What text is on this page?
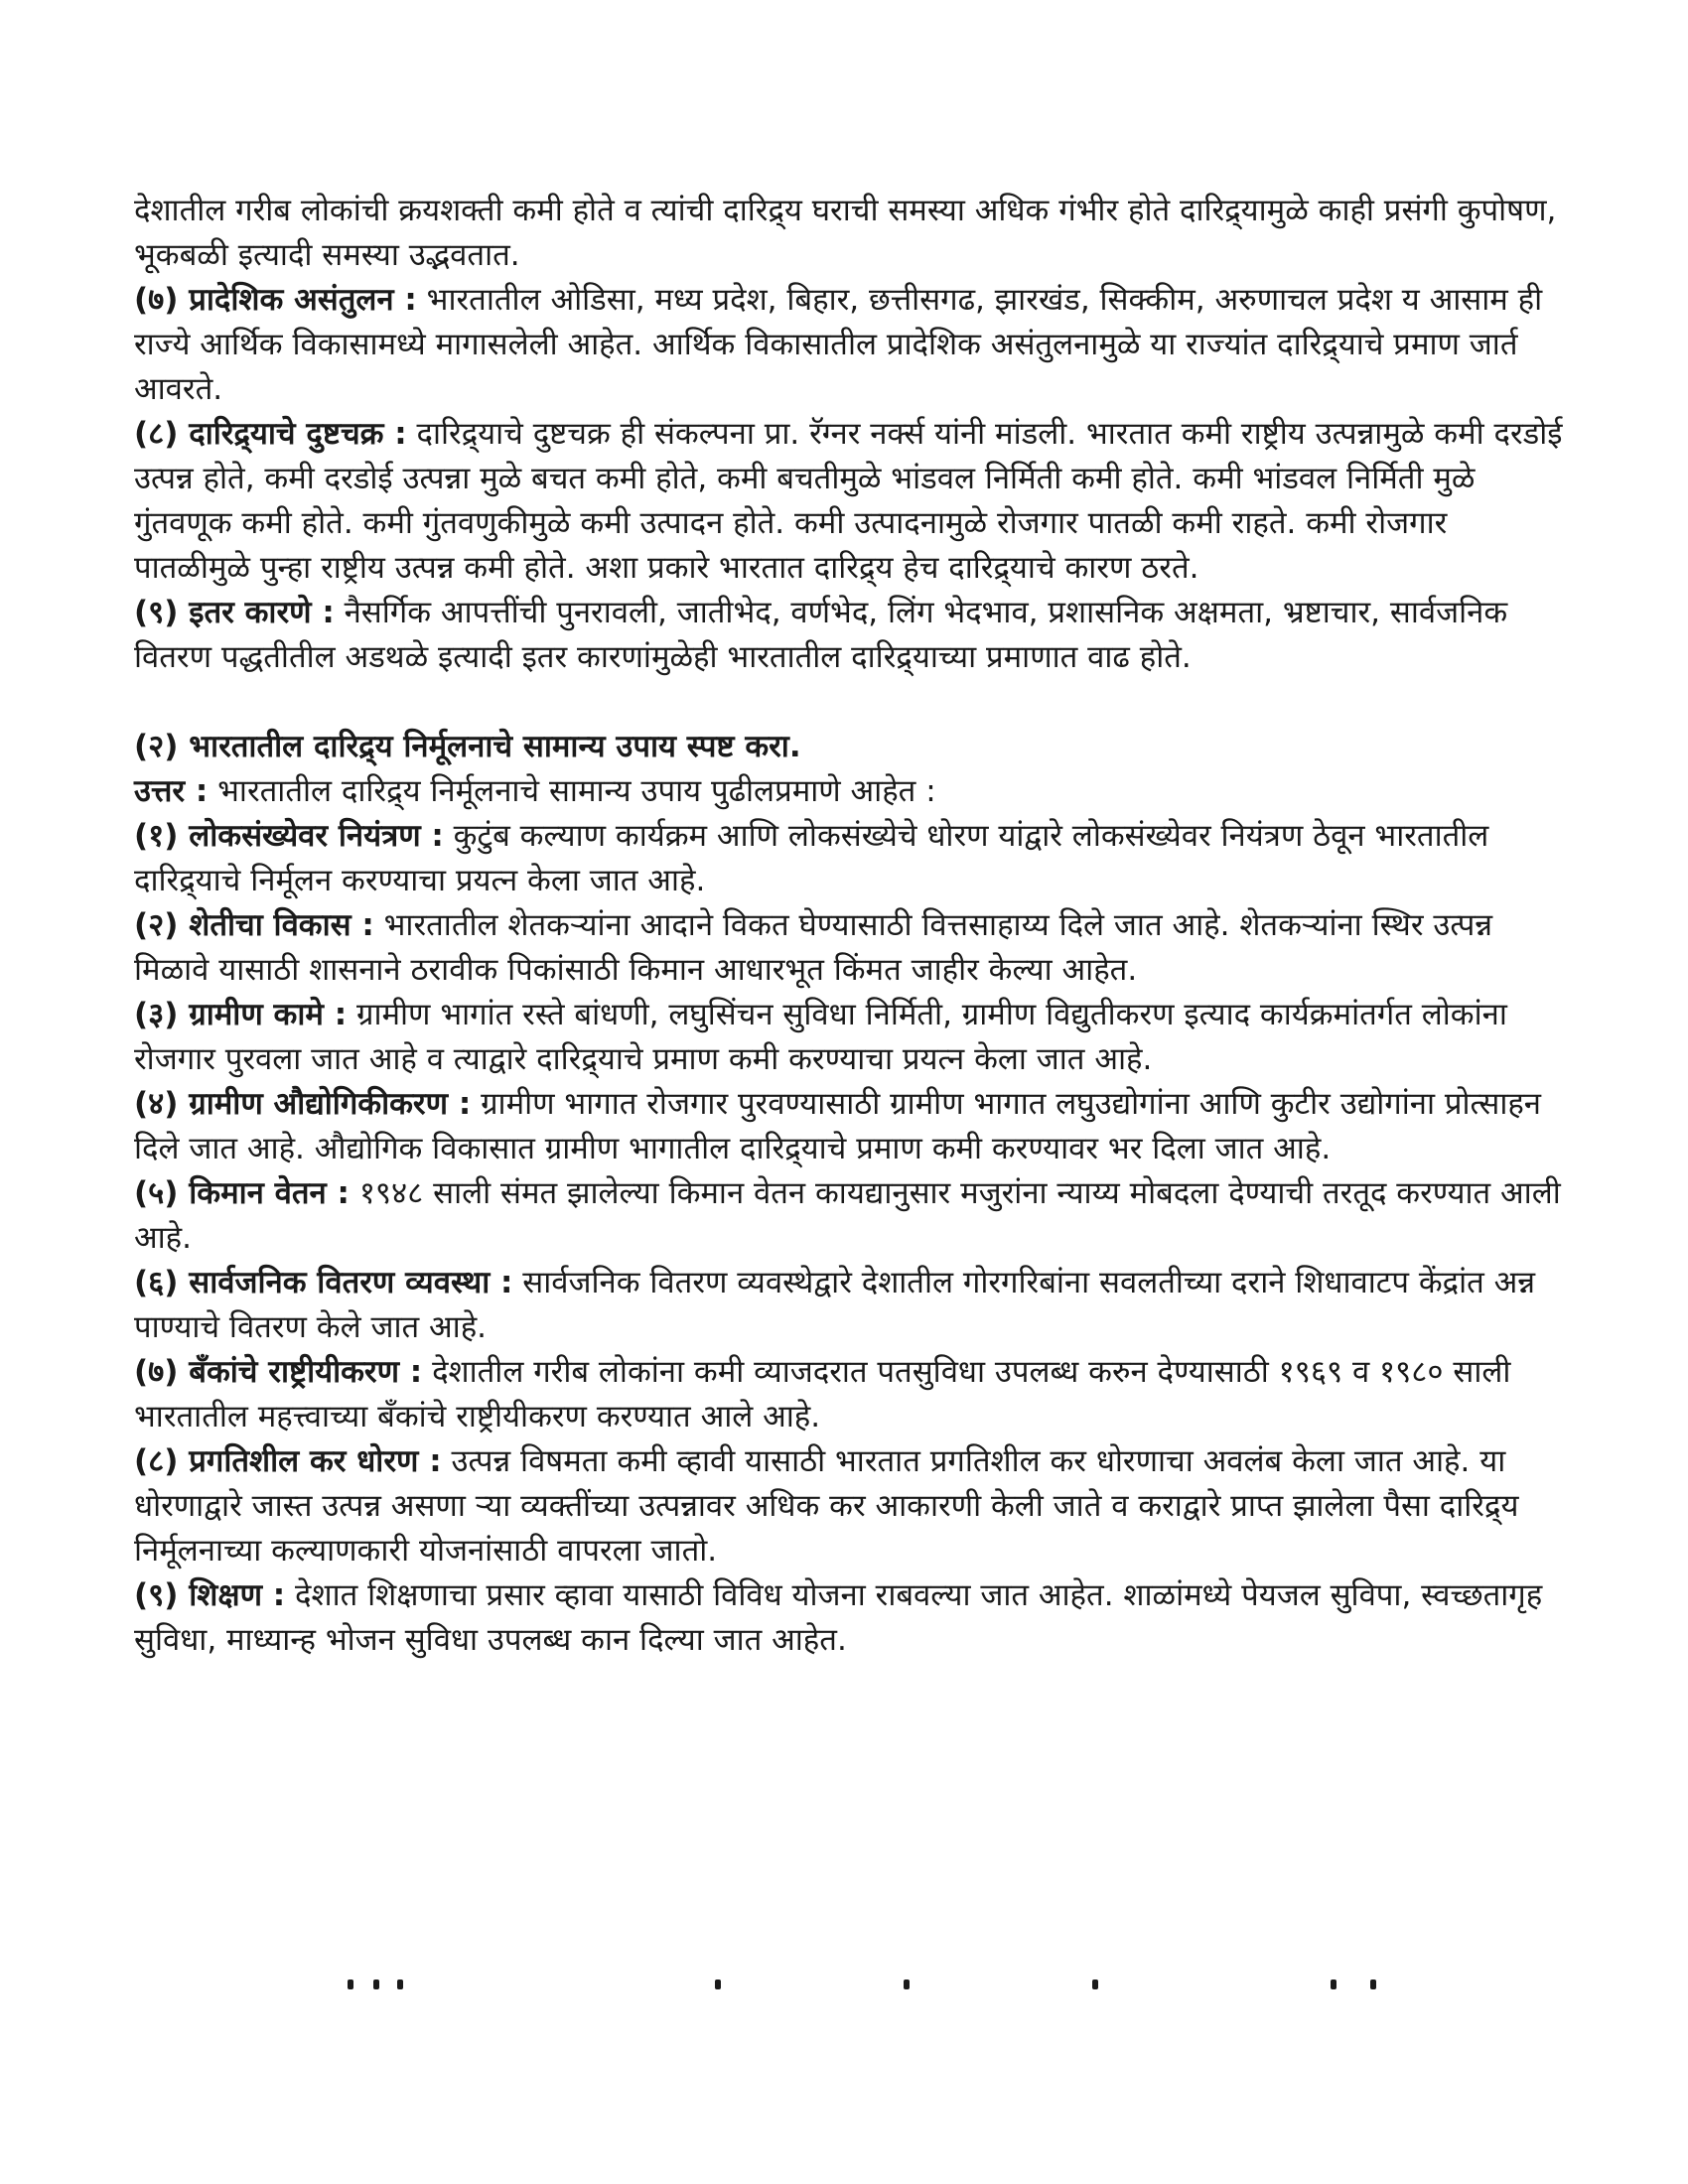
देशातील गरीब लोकांची क्रयशक्ती कमी होते व त्यांची दारिद्र्य घराची समस्या अधिक गंभीर होते दारिद्र्यामुळे काही प्रसंगी कुपोषण, भूकबळी इत्यादी समस्या उद्भवतात.

(७) प्रादेशिक असंतुलन : भारतातील ओडिसा, मध्य प्रदेश, बिहार, छत्तीसगढ, झारखंड, सिक्कीम, अरुणाचल प्रदेश य आसाम ही राज्ये आर्थिक विकासामध्ये मागासलेली आहेत. आर्थिक विकासातील प्रादेशिक असंतुलनामुळे या राज्यांत दारिद्र्याचे प्रमाण जार्त आवरते.

(८) दारिद्र्याचे दुष्टचक्र : दारिद्र्याचे दुष्टचक्र ही संकल्पना प्रा. रॅग्नर नर्क्स यांनी मांडली. भारतात कमी राष्ट्रीय उत्पन्नामुळे कमी दरडोई उत्पन्न होते, कमी दरडोई उत्पन्ना मुळे बचत कमी होते, कमी बचतीमुळे भांडवल निर्मिती कमी होते. कमी भांडवल निर्मिती मुळे गुंतवणूक कमी होते. कमी गुंतवणुकीमुळे कमी उत्पादन होते. कमी उत्पादनामुळे रोजगार पातळी कमी राहते. कमी रोजगार पातळीमुळे पुन्हा राष्ट्रीय उत्पन्न कमी होते. अशा प्रकारे भारतात दारिद्र्य हेच दारिद्र्याचे कारण ठरते.

(९) इतर कारणे : नैसर्गिक आपत्तींची पुनरावली, जातीभेद, वर्णभेद, लिंग भेदभाव, प्रशासनिक अक्षमता, भ्रष्टाचार, सार्वजनिक वितरण पद्धतीतील अडथळे इत्यादी इतर कारणांमुळेही भारतातील दारिद्र्याच्या प्रमाणात वाढ होते.

(२) भारतातील दारिद्र्य निर्मूलनाचे सामान्य उपाय स्पष्ट करा.

उत्तर : भारतातील दारिद्र्य निर्मूलनाचे सामान्य उपाय पुढीलप्रमाणे आहेत :

(१) लोकसंख्येवर नियंत्रण : कुटुंब कल्याण कार्यक्रम आणि लोकसंख्येचे धोरण यांद्वारे लोकसंख्येवर नियंत्रण ठेवून भारतातील दारिद्र्याचे निर्मूलन करण्याचा प्रयत्न केला जात आहे.

(२) शेतीचा विकास : भारतातील शेतकऱ्यांना आदाने विकत घेण्यासाठी वित्तसाहाय्य दिले जात आहे. शेतकऱ्यांना स्थिर उत्पन्न मिळावे यासाठी शासनाने ठरावीक पिकांसाठी किमान आधारभूत किंमत जाहीर केल्या आहेत.

(३) ग्रामीण कामे : ग्रामीण भागांत रस्ते बांधणी, लघुसिंचन सुविधा निर्मिती, ग्रामीण विद्युतीकरण इत्याद कार्यक्रमांतर्गत लोकांना रोजगार पुरवला जात आहे व त्याद्वारे दारिद्र्याचे प्रमाण कमी करण्याचा प्रयत्न केला जात आहे.

(४) ग्रामीण औद्योगिकीकरण : ग्रामीण भागात रोजगार पुरवण्यासाठी ग्रामीण भागात लघुउद्योगांना आणि कुटीर उद्योगांना प्रोत्साहन दिले जात आहे. औद्योगिक विकासात ग्रामीण भागातील दारिद्र्याचे प्रमाण कमी करण्यावर भर दिला जात आहे.

(५) किमान वेतन : १९४८ साली संमत झालेल्या किमान वेतन कायद्यानुसार मजुरांना न्याय्य मोबदला देण्याची तरतूद करण्यात आली आहे.

(६) सार्वजनिक वितरण व्यवस्था : सार्वजनिक वितरण व्यवस्थेद्वारे देशातील गोरगरिबांना सवलतीच्या दराने शिधावाटप केंद्रांत अन्न पाण्याचे वितरण केले जात आहे.

(७) बँकांचे राष्ट्रीयीकरण : देशातील गरीब लोकांना कमी व्याजदरात पतसुविधा उपलब्ध करुन देण्यासाठी १९६९ व १९८० साली भारतातील महत्त्वाच्या बँकांचे राष्ट्रीयीकरण करण्यात आले आहे.

(८) प्रगतिशील कर धोरण : उत्पन्न विषमता कमी व्हावी यासाठी भारतात प्रगतिशील कर धोरणाचा अवलंब केला जात आहे. या धोरणाद्वारे जास्त उत्पन्न असणा ऱ्या व्यक्तींच्या उत्पन्नावर अधिक कर आकारणी केली जाते व कराद्वारे प्राप्त झालेला पैसा दारिद्र्य निर्मूलनाच्या कल्याणकारी योजनांसाठी वापरला जातो.

(९) शिक्षण : देशात शिक्षणाचा प्रसार व्हावा यासाठी विविध योजना राबवल्या जात आहेत. शाळांमध्ये पेयजल सुविपा, स्वच्छतागृह सुविधा, माध्यान्ह भोजन सुविधा उपलब्ध कान दिल्या जात आहेत.
